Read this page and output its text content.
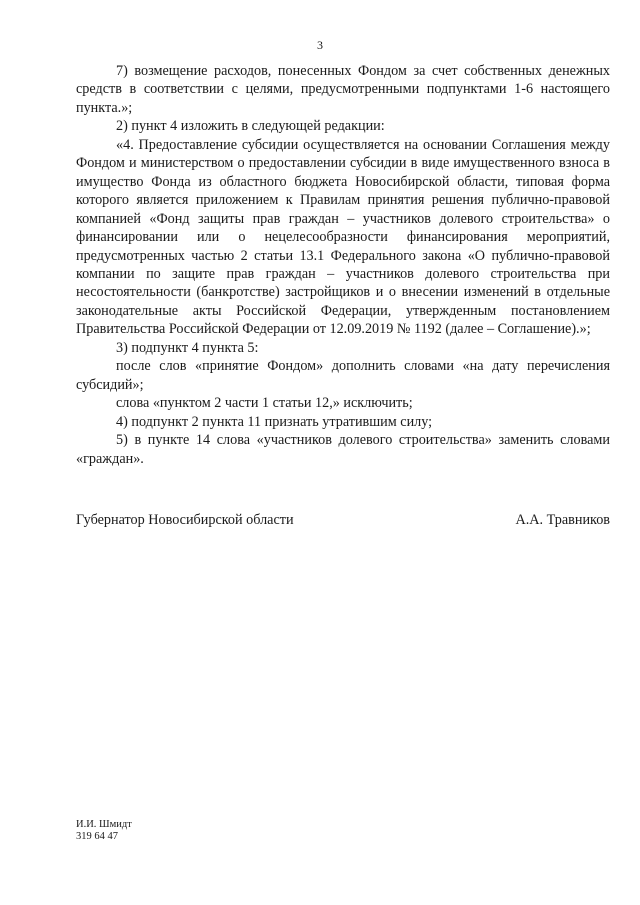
3

7) возмещение расходов, понесенных Фондом за счет собственных денежных средств в соответствии с целями, предусмотренными подпунктами 1-6 настоящего пункта.»;

2) пункт 4 изложить в следующей редакции:

«4. Предоставление субсидии осуществляется на основании Соглашения между Фондом и министерством о предоставлении субсидии в виде имущественного взноса в имущество Фонда из областного бюджета Новосибирской области, типовая форма которого является приложением к Правилам принятия решения публично-правовой компанией «Фонд защиты прав граждан – участников долевого строительства» о финансировании или о нецелесообразности финансирования мероприятий, предусмотренных частью 2 статьи 13.1 Федерального закона «О публично-правовой компании по защите прав граждан – участников долевого строительства при несостоятельности (банкротстве) застройщиков и о внесении изменений в отдельные законодательные акты Российской Федерации, утвержденным постановлением Правительства Российской Федерации от 12.09.2019 № 1192 (далее – Соглашение).»;

3) подпункт 4 пункта 5:

после слов «принятие Фондом» дополнить словами «на дату перечисления субсидий»;

слова «пунктом 2 части 1 статьи 12,» исключить;

4) подпункт 2 пункта 11 признать утратившим силу;

5) в пункте 14 слова «участников долевого строительства» заменить словами «граждан».

Губернатор Новосибирской области	А.А. Травников
И.И. Шмидт
319 64 47
